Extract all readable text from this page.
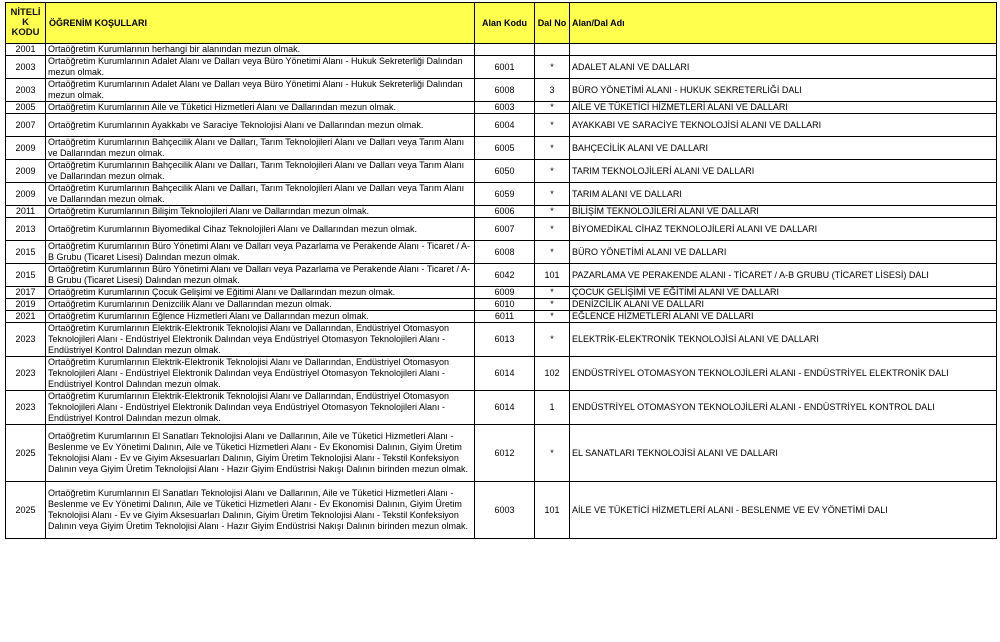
NİTELİ
K
KODU	ÖĞRENİM KOŞULLARI	Alan Kodu	Dal No	Alan/Dal Adı
2001	Ortaöğretim Kurumlarının herhangi bir alanından mezun olmak.			
2003	Ortaöğretim Kurumlarının Adalet Alanı ve Dalları veya Büro Yönetimi Alanı - Hukuk Sekreterliği Dalından mezun olmak.	6001	*	ADALET ALANI VE DALLARI
2003	Ortaöğretim Kurumlarının Adalet Alanı ve Dalları veya Büro Yönetimi Alanı - Hukuk Sekreterliği Dalından mezun olmak.	6008	3	BÜRO YÖNETİMİ ALANI - HUKUK SEKRETERLİĞİ DALI
2005	Ortaöğretim Kurumlarının Aile ve Tüketici Hizmetleri Alanı ve Dallarından mezun olmak.	6003	*	AİLE VE TÜKETİCİ HİZMETLERİ ALANI VE DALLARI
2007	Ortaöğretim Kurumlarının Ayakkabı ve Saraciye Teknolojisi Alanı ve Dallarından mezun olmak.	6004	*	AYAKKABI VE SARACİYE TEKNOLOJİSİ ALANI VE DALLARI
2009	Ortaöğretim Kurumlarının Bahçecilik Alanı ve Dalları, Tarım Teknolojileri Alanı ve Dalları veya Tarım Alanı ve Dallarından mezun olmak.	6005	*	BAHÇECİLİK ALANI VE DALLARI
2009	Ortaöğretim Kurumlarının Bahçecilik Alanı ve Dalları, Tarım Teknolojileri Alanı ve Dalları veya Tarım Alanı ve Dallarından mezun olmak.	6050	*	TARIM TEKNOLOJİLERİ ALANI VE DALLARI
2009	Ortaöğretim Kurumlarının Bahçecilik Alanı ve Dalları, Tarım Teknolojileri Alanı ve Dalları veya Tarım Alanı ve Dallarından mezun olmak.	6059	*	TARIM ALANI VE DALLARI
2011	Ortaöğretim Kurumlarının Bilişim Teknolojileri Alanı ve Dallarından mezun olmak.	6006	*	BİLİŞİM TEKNOLOJİLERİ ALANI VE DALLARI
2013	Ortaöğretim Kurumlarının Biyomedikal Cihaz Teknolojileri Alanı ve Dallarından mezun olmak.	6007	*	BİYOMEDİKAL CİHAZ TEKNOLOJİLERİ ALANI VE DALLARI
2015	Ortaöğretim Kurumlarının Büro Yönetimi Alanı ve Dalları veya Pazarlama ve Perakende Alanı - Ticaret / A-B Grubu (Ticaret Lisesi) Dalından mezun olmak.	6008	*	BÜRO YÖNETİMİ ALANI VE DALLARI
2015	Ortaöğretim Kurumlarının Büro Yönetimi Alanı ve Dalları veya Pazarlama ve Perakende Alanı - Ticaret / A-B Grubu (Ticaret Lisesi) Dalından mezun olmak.	6042	101	PAZARLAMA VE PERAKENDE ALANI - TİCARET / A-B GRUBU (TİCARET LİSESİ) DALI
2017	Ortaöğretim Kurumlarının Çocuk Gelişimi ve Eğitimi Alanı ve Dallarından mezun olmak.	6009	*	ÇOCUK GELİŞİMİ VE EĞİTİMİ ALANI VE DALLARI
2019	Ortaöğretim Kurumlarının Denizcilik Alanı ve Dallarından mezun olmak.	6010	*	DENİZCİLİK ALANI VE DALLARI
2021	Ortaöğretim Kurumlarının Eğlence Hizmetleri Alanı ve Dallarından mezun olmak.	6011	*	EĞLENCE HİZMETLERİ ALANI VE DALLARI
2023	Ortaöğretim Kurumlarının Elektrik-Elektronik Teknolojisi Alanı ve Dallarından, Endüstriyel Otomasyon Teknolojileri Alanı - Endüstriyel Elektronik Dalından veya Endüstriyel Otomasyon Teknolojileri Alanı - Endüstriyel Kontrol Dalından mezun olmak.	6013	*	ELEKTRİK-ELEKTRONİK TEKNOLOJİSİ ALANI VE DALLARI
2023	Ortaöğretim Kurumlarının Elektrik-Elektronik Teknolojisi Alanı ve Dallarından, Endüstriyel Otomasyon Teknolojileri Alanı - Endüstriyel Elektronik Dalından veya Endüstriyel Otomasyon Teknolojileri Alanı - Endüstriyel Kontrol Dalından mezun olmak.	6014	102	ENDÜSTRİYEL OTOMASYON TEKNOLOJİLERİ ALANI - ENDÜSTRİYEL ELEKTRONİK DALI
2023	Ortaöğretim Kurumlarının Elektrik-Elektronik Teknolojisi Alanı ve Dallarından, Endüstriyel Otomasyon Teknolojileri Alanı - Endüstriyel Elektronik Dalından veya Endüstriyel Otomasyon Teknolojileri Alanı - Endüstriyel Kontrol Dalından mezun olmak.	6014	1	ENDÜSTRİYEL OTOMASYON TEKNOLOJİLERİ ALANI - ENDÜSTRİYEL KONTROL DALI
2025	Ortaöğretim Kurumlarının El Sanatları Teknolojisi Alanı ve Dallarının, Aile ve Tüketici Hizmetleri Alanı - Beslenme ve Ev Yönetimi Dalının, Aile ve Tüketici Hizmetleri Alanı - Ev Ekonomisi Dalının, Giyim Üretim Teknolojisi Alanı - Ev ve Giyim Aksesuarları Dalının, Giyim Üretim Teknolojisi Alanı - Tekstil Konfeksiyon Dalının veya Giyim Üretim Teknolojisi Alanı - Hazır Giyim Endüstrisi Nakışı Dalının birinden mezun olmak.	6012	*	EL SANATLARI TEKNOLOJİSİ ALANI VE DALLARI
2025	Ortaöğretim Kurumlarının El Sanatları Teknolojisi Alanı ve Dallarının, Aile ve Tüketici Hizmetleri Alanı - Beslenme ve Ev Yönetimi Dalının, Aile ve Tüketici Hizmetleri Alanı - Ev Ekonomisi Dalının, Giyim Üretim Teknolojisi Alanı - Ev ve Giyim Aksesuarları Dalının, Giyim Üretim Teknolojisi Alanı - Tekstil Konfeksiyon Dalının veya Giyim Üretim Teknolojisi Alanı - Hazır Giyim Endüstrisi Nakışı Dalının birinden mezun olmak.	6003	101	AİLE VE TÜKETİCİ HİZMETLERİ ALANI - BESLENME VE EV YÖNETİMİ DALI
